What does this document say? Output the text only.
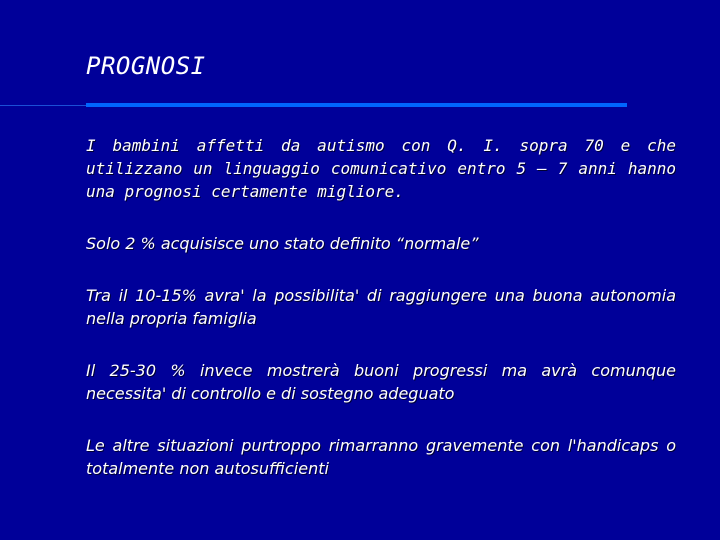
PROGNOSI

I bambini affetti da autismo con Q. I. sopra 70 e che utilizzano un linguaggio comunicativo entro 5 – 7 anni hanno una prognosi certamente migliore.

Solo 2 % acquisisce uno stato definito “normale”

Tra il 10-15% avra' la possibilita' di raggiungere una buona autonomia nella propria famiglia

Il 25-30 % invece mostrerà buoni progressi ma avrà comunque necessita' di controllo e di sostegno adeguato

Le altre situazioni purtroppo rimarranno gravemente con l'handicaps o totalmente non autosufficienti
